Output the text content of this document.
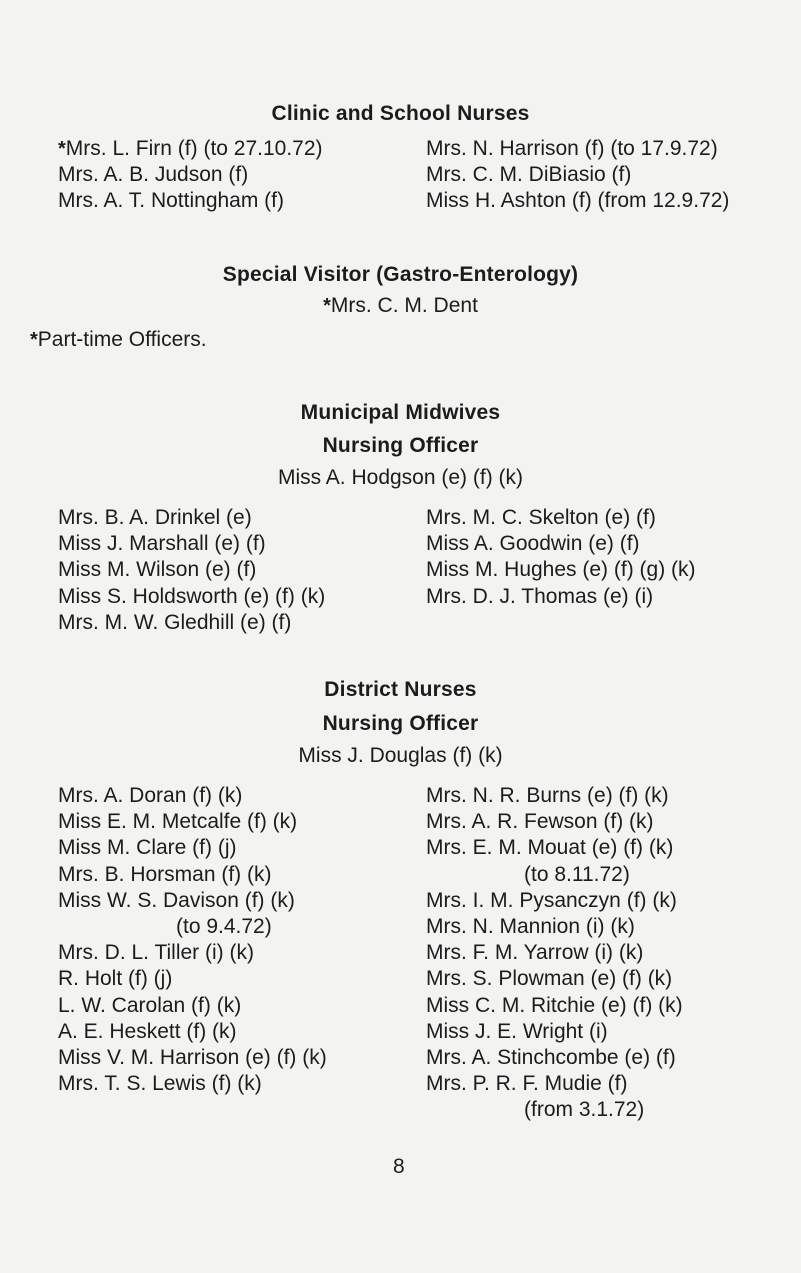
Clinic and School Nurses
*Mrs. L. Firn (f) (to 27.10.72)
Mrs. A. B. Judson (f)
Mrs. A. T. Nottingham (f)
Mrs. N. Harrison (f) (to 17.9.72)
Mrs. C. M. DiBiasio (f)
Miss H. Ashton (f) (from 12.9.72)
Special Visitor (Gastro-Enterology)
*Mrs. C. M. Dent
*Part-time Officers.
Municipal Midwives
Nursing Officer
Miss A. Hodgson (e) (f) (k)
Mrs. B. A. Drinkel (e)
Miss J. Marshall (e) (f)
Miss M. Wilson (e) (f)
Miss S. Holdsworth (e) (f) (k)
Mrs. M. W. Gledhill (e) (f)
Mrs. M. C. Skelton (e) (f)
Miss A. Goodwin (e) (f)
Miss M. Hughes (e) (f) (g) (k)
Mrs. D. J. Thomas (e) (i)
District Nurses
Nursing Officer
Miss J. Douglas (f) (k)
Mrs. A. Doran (f) (k)
Miss E. M. Metcalfe (f) (k)
Miss M. Clare (f) (j)
Mrs. B. Horsman (f) (k)
Miss W. S. Davison (f) (k)
(to 9.4.72)
Mrs. D. L. Tiller (i) (k)
R. Holt (f) (j)
L. W. Carolan (f) (k)
A. E. Heskett (f) (k)
Miss V. M. Harrison (e) (f) (k)
Mrs. T. S. Lewis (f) (k)
Mrs. N. R. Burns (e) (f) (k)
Mrs. A. R. Fewson (f) (k)
Mrs. E. M. Mouat (e) (f) (k)
(to 8.11.72)
Mrs. I. M. Pysanczyn (f) (k)
Mrs. N. Mannion (i) (k)
Mrs. F. M. Yarrow (i) (k)
Mrs. S. Plowman (e) (f) (k)
Miss C. M. Ritchie (e) (f) (k)
Miss J. E. Wright (i)
Mrs. A. Stinchcombe (e) (f)
Mrs. P. R. F. Mudie (f)
(from 3.1.72)
8
